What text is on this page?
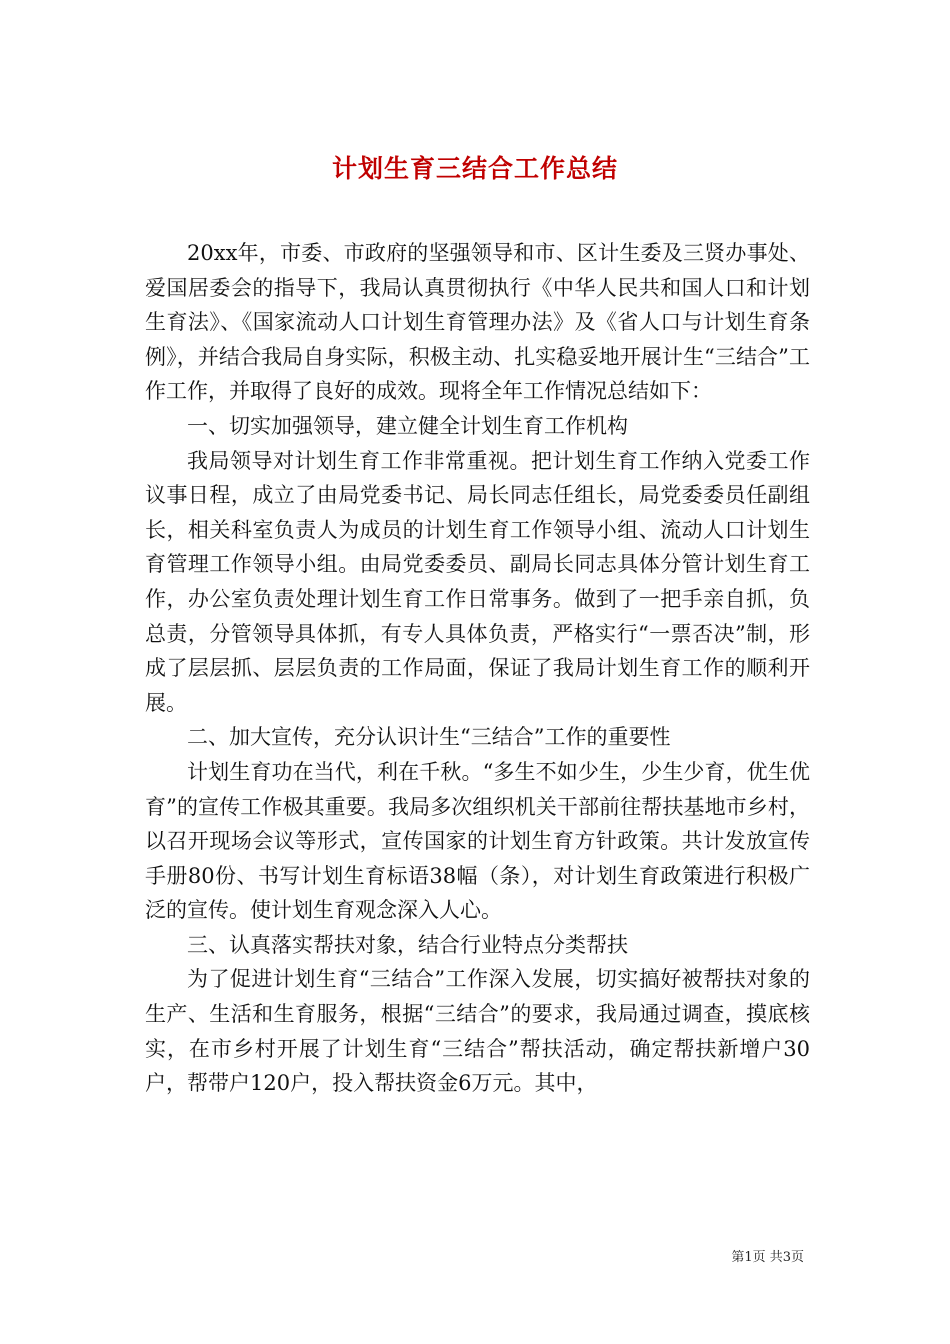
计划生育三结合工作总结

20xx年，市委、市政府的坚强领导和市、区计生委及三贤办事处、爱国居委会的指导下，我局认真贯彻执行《中华人民共和国人口和计划生育法》、《国家流动人口计划生育管理办法》及《省人口与计划生育条例》，并结合我局自身实际，积极主动、扎实稳妥地开展计生“三结合”工作工作，并取得了良好的成效。现将全年工作情况总结如下：

一、切实加强领导，建立健全计划生育工作机构

我局领导对计划生育工作非常重视。把计划生育工作纳入党委工作议事日程，成立了由局党委书记、局长同志任组长，局党委委员任副组长，相关科室负责人为成员的计划生育工作领导小组、流动人口计划生育管理工作领导小组。由局党委委员、副局长同志具体分管计划生育工作，办公室负责处理计划生育工作日常事务。做到了一把手亲自抓，负总责，分管领导具体抓，有专人具体负责，严格实行“一票否决”制，形成了层层抓、层层负责的工作局面，保证了我局计划生育工作的顺利开展。

二、加大宣传，充分认识计生“三结合”工作的重要性

计划生育功在当代，利在千秋。“多生不如少生，少生少育，优生优育”的宣传工作极其重要。我局多次组织机关干部前往帮扶基地市乡村，以召开现场会议等形式，宣传国家的计划生育方针政策。共计发放宣传手册80份、书写计划生育标语38幅（条），对计划生育政策进行积极广泛的宣传。使计划生育观念深入人心。

三、认真落实帮扶对象，结合行业特点分类帮扶

为了促进计划生育“三结合”工作深入发展，切实搞好被帮扶对象的生产、生活和生育服务，根据“三结合”的要求，我局通过调查，摸底核实，在市乡村开展了计划生育“三结合”帮扶活动，确定帮扶新增户30户，帮带户120户，投入帮扶资金6万元。其中，

第1页 共3页
